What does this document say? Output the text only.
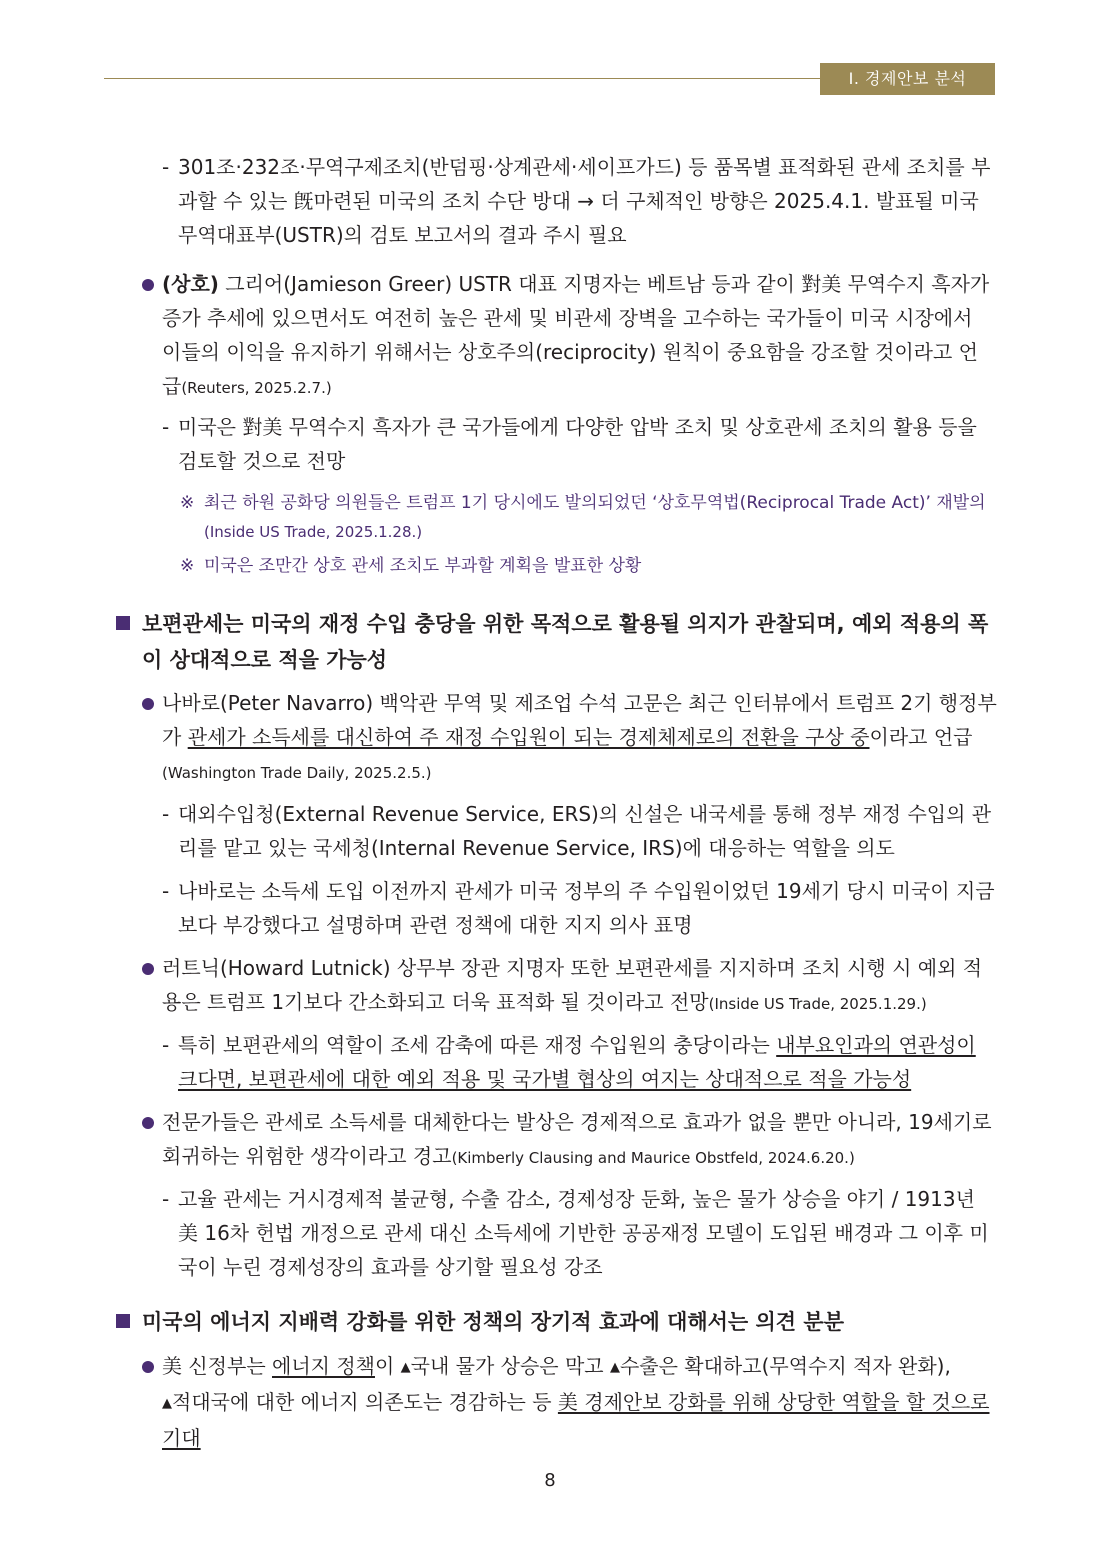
Ⅰ. 경제안보 분석
- 301조·232조·무역구제조치(반덤핑·상계관세·세이프가드) 등 품목별 표적화된 관세 조치를 부과할 수 있는 旣마련된 미국의 조치 수단 방대 → 더 구체적인 방향은 2025.4.1. 발표될 미국무역대표부(USTR)의 검토 보고서의 결과 주시 필요
(상호) 그리어(Jamieson Greer) USTR 대표 지명자는 베트남 등과 같이 對美 무역수지 흑자가 증가 추세에 있으면서도 여전히 높은 관세 및 비관세 장벽을 고수하는 국가들이 미국 시장에서 이들의 이익을 유지하기 위해서는 상호주의(reciprocity) 원칙이 중요함을 강조할 것이라고 언급(Reuters, 2025.2.7.)
- 미국은 對美 무역수지 흑자가 큰 국가들에게 다양한 압박 조치 및 상호관세 조치의 활용 등을 검토할 것으로 전망
※ 최근 하원 공화당 의원들은 트럼프 1기 당시에도 발의되었던 ‘상호무역법(Reciprocal Trade Act)’ 재발의
(Inside US Trade, 2025.1.28.)
※ 미국은 조만간 상호 관세 조치도 부과할 계획을 발표한 상황
보편관세는 미국의 재정 수입 충당을 위한 목적으로 활용될 의지가 관찰되며, 예외 적용의 폭이 상대적으로 적을 가능성
나바로(Peter Navarro) 백악관 무역 및 제조업 수석 고문은 최근 인터뷰에서 트럼프 2기 행정부가 관세가 소득세를 대신하여 주 재정 수입원이 되는 경제체제로의 전환을 구상 중이라고 언급
(Washington Trade Daily, 2025.2.5.)
- 대외수입청(External Revenue Service, ERS)의 신설은 내국세를 통해 정부 재정 수입의 관리를 맡고 있는 국세청(Internal Revenue Service, IRS)에 대응하는 역할을 의도
- 나바로는 소득세 도입 이전까지 관세가 미국 정부의 주 수입원이었던 19세기 당시 미국이 지금보다 부강했다고 설명하며 관련 정책에 대한 지지 의사 표명
러트닉(Howard Lutnick) 상무부 장관 지명자 또한 보편관세를 지지하며 조치 시행 시 예외 적용은 트럼프 1기보다 간소화되고 더욱 표적화 될 것이라고 전망(Inside US Trade, 2025.1.29.)
- 특히 보편관세의 역할이 조세 감축에 따른 재정 수입원의 충당이라는 내부요인과의 연관성이 크다면, 보편관세에 대한 예외 적용 및 국가별 협상의 여지는 상대적으로 적을 가능성
전문가들은 관세로 소득세를 대체한다는 발상은 경제적으로 효과가 없을 뿐만 아니라, 19세기로 회귀하는 위험한 생각이라고 경고(Kimberly Clausing and Maurice Obstfeld, 2024.6.20.)
- 고율 관세는 거시경제적 불균형, 수출 감소, 경제성장 둔화, 높은 물가 상승을 야기 / 1913년 美 16차 헌법 개정으로 관세 대신 소득세에 기반한 공공재정 모델이 도입된 배경과 그 이후 미국이 누린 경제성장의 효과를 상기할 필요성 강조
미국의 에너지 지배력 강화를 위한 정책의 장기적 효과에 대해서는 의견 분분
美 신정부는 에너지 정책이 ▲국내 물가 상승은 막고 ▲수출은 확대하고(무역수지 적자 완화),
▲적대국에 대한 에너지 의존도는 경감하는 등 美 경제안보 강화를 위해 상당한 역할을 할 것으로 기대
8
